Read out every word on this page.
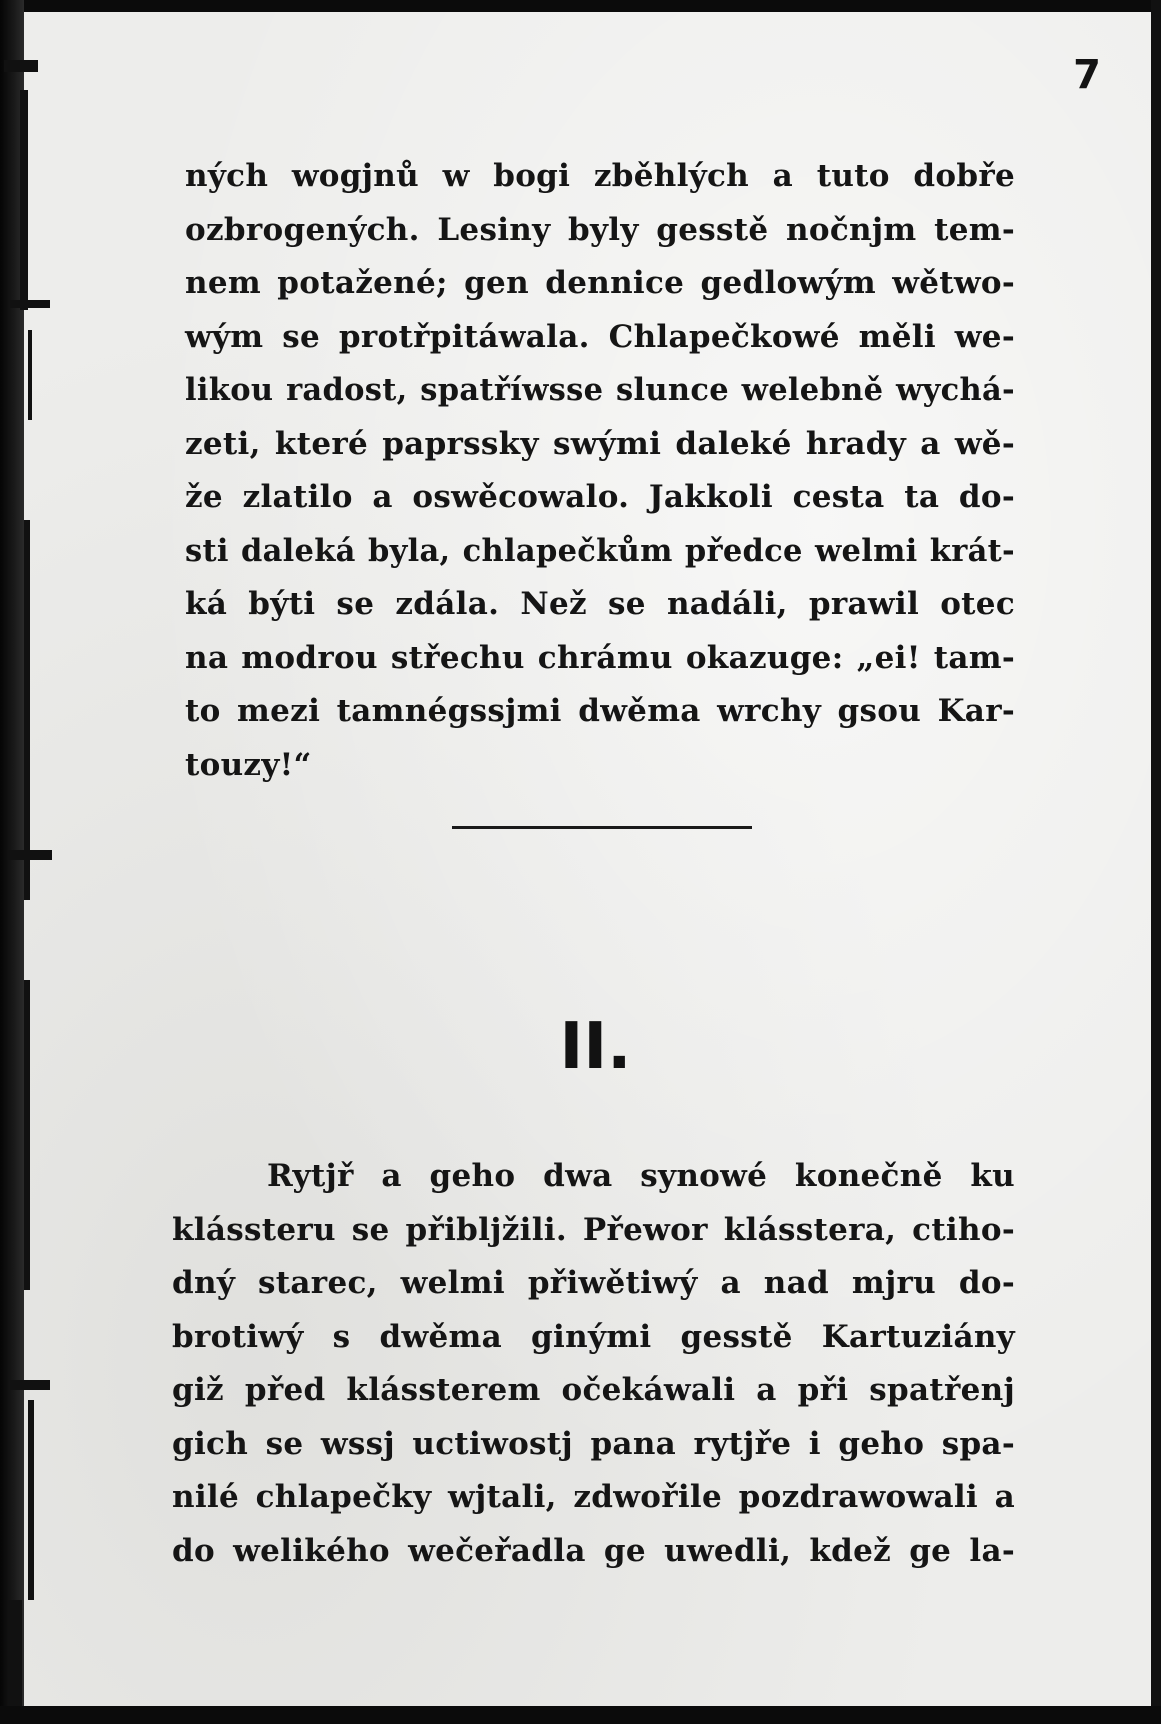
7
ných wogjnů w bogi zběhlých a tuto dobře
ozbrogených. Lesiny byly gesstě nočnjm tem-
nem potažené; gen dennice gedlowým wětwo-
wým se protřpitáwala. Chlapečkowé měli we-
likou radost, spatříwsse slunce welebně wychá-
zeti, které paprssky swými daleké hrady a wě-
že zlatilo a oswěcowalo. Jakkoli cesta ta do-
sti daleká byla, chlapečkům předce welmi krát-
ká býti se zdála. Než se nadáli, prawil otec
na modrou střechu chrámu okazuge: „ei! tam-
to mezi tamnégssjmi dwěma wrchy gsou Kar-
touzy!“
II.
Rytjř a geho dwa synowé konečně ku
klássteru se přiblјžili. Přewor klásstera, ctiho-
dný starec, welmi přiwětiwý a nad mjru do-
brotiwý s dwěma ginými gesstě Kartuziány
giž před klássterem očekáwali a při spatřenj
gich se wssj uctiwostj pana rytjře i geho spa-
nilé chlapečky wjtali, zdwořile pozdrawowali a
do welikého wečeřadla ge uwedli, kdež ge la-
